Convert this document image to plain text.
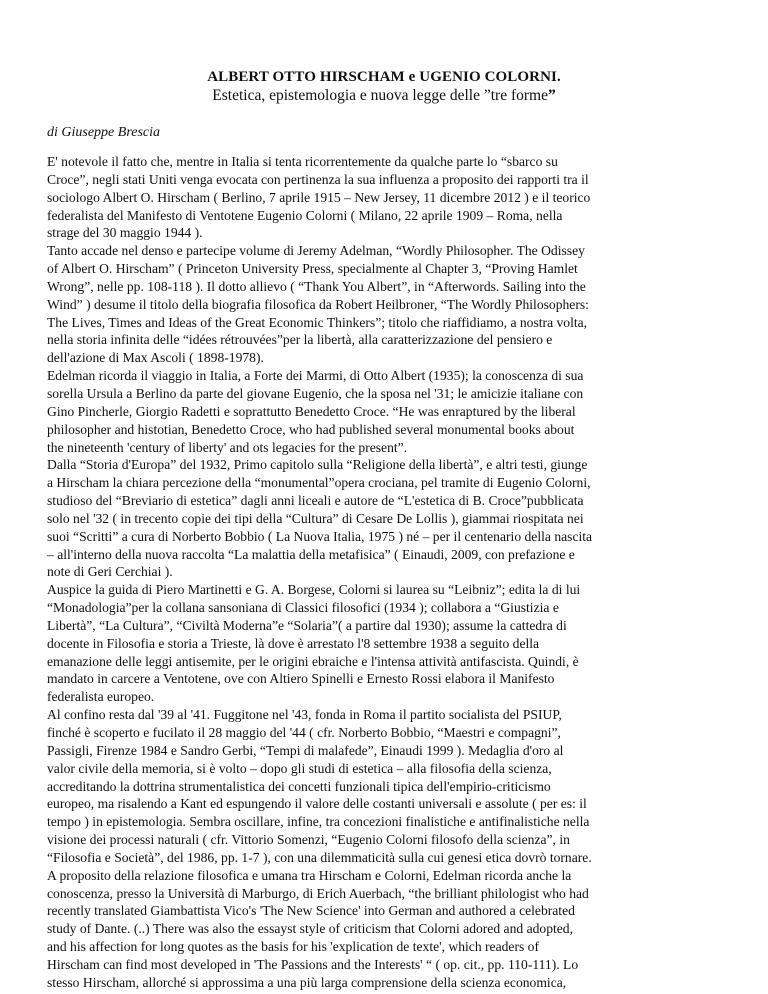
ALBERT OTTO HIRSCHAM e UGENIO COLORNI.
Estetica, epistemologia e nuova legge delle ”tre forme”
di Giuseppe Brescia
E' notevole il fatto che, mentre in Italia si tenta ricorrentemente da qualche parte lo “sbarco su
Croce”, negli stati Uniti venga evocata con pertinenza la sua influenza a proposito dei rapporti tra il
sociologo Albert O. Hirscham ( Berlino, 7 aprile 1915 – New Jersey, 11 dicembre 2012 ) e il teorico
federalista del Manifesto di Ventotene Eugenio Colorni ( Milano, 22 aprile 1909 – Roma, nella
strage del 30 maggio 1944 ).
Tanto accade nel denso e partecipe volume di Jeremy Adelman, “Wordly Philosopher. The Odissey
of Albert O. Hirscham” ( Princeton University Press, specialmente al Chapter 3, “Proving Hamlet
Wrong”, nelle pp. 108-118 ). Il dotto allievo ( “Thank You Albert”, in “Afterwords. Sailing into the
Wind” ) desume il titolo della biografia filosofica da Robert Heilbroner, “The Wordly Philosophers:
The Lives, Times and Ideas of the Great Economic Thinkers”; titolo che riaffidiamo, a nostra volta,
nella storia infinita delle “idées rétrouvées”per la libertà, alla caratterizzazione del pensiero e
dell'azione di Max Ascoli ( 1898-1978).
Edelman ricorda il viaggio in Italia, a Forte dei Marmi, di Otto Albert (1935); la conoscenza di sua
sorella Ursula a Berlino da parte del giovane Eugenio, che la sposa nel '31; le amicizie italiane con
Gino Pincherle, Giorgio Radetti e soprattutto Benedetto Croce. “He was enraptured by the liberal
philosopher and histotian, Benedetto Croce, who had published several monumental books about
the nineteenth 'century of liberty' and ots legacies for the present”.
Dalla “Storia d'Europa” del 1932, Primo capitolo sulla “Religione della libertà”, e altri testi, giunge
a Hirscham la chiara percezione della “monumental”opera crociana, pel tramite di Eugenio Colorni,
studioso del “Breviario di estetica” dagli anni liceali e autore de “L'estetica di B. Croce”pubblicata
solo nel '32 ( in trecento copie dei tipi della “Cultura” di Cesare De Lollis ), giammai riospitata nei
suoi “Scritti” a cura di Norberto Bobbio ( La Nuova Italia, 1975 ) né – per il centenario della nascita
– all'interno della nuova raccolta “La malattia della metafisica” ( Einaudi, 2009, con prefazione e
note di Geri Cerchiai ).
Auspice la guida di Piero Martinetti e G. A. Borgese, Colorni si laurea su “Leibniz”; edita la di lui
“Monadologia”per la collana sansoniana di Classici filosofici (1934 ); collabora a “Giustizia e
Libertà”, “La Cultura”, “Civiltà Moderna”e “Solaria”( a partire dal 1930); assume la cattedra di
docente in Filosofia e storia a Trieste, là dove è arrestato l'8 settembre 1938 a seguito della
emanazione delle leggi antisemite, per le origini ebraiche e l'intensa attività antifascista. Quindi, è
mandato in carcere a Ventotene, ove con Altiero Spinelli e Ernesto Rossi elabora il Manifesto
federalista europeo.
Al confino resta dal '39 al '41. Fuggitone nel '43, fonda in Roma il partito socialista del PSIUP,
finché è scoperto e fucilato il 28 maggio del '44 ( cfr. Norberto Bobbio, “Maestri e compagni”,
Passigli, Firenze 1984 e Sandro Gerbi, “Tempi di malafede”, Einaudi 1999 ). Medaglia d'oro al
valor civile della memoria, si è volto – dopo gli studi di estetica – alla filosofia della scienza,
accreditando la dottrina strumentalistica dei concetti funzionali tipica dell'empirio-criticismo
europeo, ma risalendo a Kant ed espungendo il valore delle costanti universali e assolute ( per es: il
tempo ) in epistemologia. Sembra oscillare, infine, tra concezioni finalistiche e antifinalistiche nella
visione dei processi naturali ( cfr. Vittorio Somenzi, “Eugenio Colorni filosofo della scienza”, in
“Filosofia e Società”, del 1986, pp. 1-7 ), con una dilemmaticità sulla cui genesi etica dovrò tornare.
A proposito della relazione filosofica e umana tra Hirscham e Colorni, Edelman ricorda anche la
conoscenza, presso la Università di Marburgo, di Erich Auerbach, “the brilliant philologist who had
recently translated Giambattista Vico's 'The New Science' into German and authored a celebrated
study of Dante. (..) There was also the essayst style of criticism that Colorni adored and adopted,
and his affection for long quotes as the basis for his 'explication de texte', which readers of
Hirscham can find most developed in 'The Passions and the Interests' “ ( op. cit., pp. 110-111). Lo
stesso Hirscham, allorché si approssima a una più larga comprensione della scienza economica,
